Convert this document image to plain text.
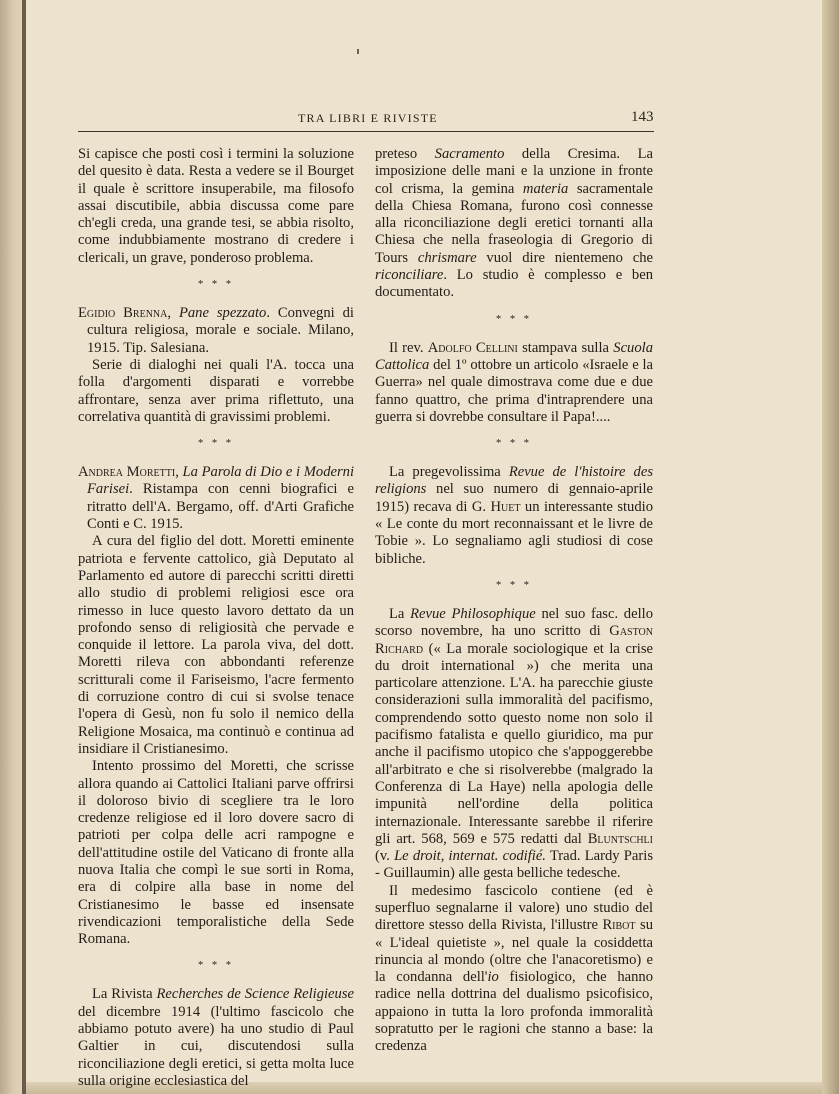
TRA LIBRI E RIVISTE	143

Si capisce che posti così i termini la soluzione del quesito è data. Resta a vedere se il Bourget il quale è scrittore insuperabile, ma filosofo assai discutibile, abbia discussa come pare ch'egli creda, una grande tesi, se abbia risolto, come indubbiamente mostrano di credere i clericali, un grave, ponderoso problema.

* * *

Egidio Brenna, Pane spezzato. Convegni di cultura religiosa, morale e sociale. Milano, 1915. Tip. Salesiana.

Serie di dialoghi nei quali l'A. tocca una folla d'argomenti disparati e vorrebbe affrontare, senza aver prima riflettuto, una correlativa quantità di gravissimi problemi.

* * *

Andrea Moretti, La Parola di Dio e i Moderni Farisei. Ristampa con cenni biografici e ritratto dell'A. Bergamo, off. d'Arti Grafiche Conti e C. 1915.

A cura del figlio del dott. Moretti eminente patriota e fervente cattolico, già Deputato al Parlamento ed autore di parecchi scritti diretti allo studio di problemi religiosi esce ora rimesso in luce questo lavoro dettato da un profondo senso di religiosità che pervade e conquide il lettore. La parola viva, del dott. Moretti rileva con abbondanti referenze scritturali come il Fariseismo, l'acre fermento di corruzione contro di cui si svolse tenace l'opera di Gesù, non fu solo il nemico della Religione Mosaica, ma continuò e continua ad insidiare il Cristianesimo.

Intento prossimo del Moretti, che scrisse allora quando ai Cattolici Italiani parve offrirsi il doloroso bivio di scegliere tra le loro credenze religiose ed il loro dovere sacro di patrioti per colpa delle acri rampogne e dell'attitudine ostile del Vaticano di fronte alla nuova Italia che compì le sue sorti in Roma, era di colpire alla base in nome del Cristianesimo le basse ed insensate rivendicazioni temporalistiche della Sede Romana.

* * *

La Rivista Recherches de Science Religieuse del dicembre 1914 (l'ultimo fascicolo che abbiamo potuto avere) ha uno studio di Paul Galtier in cui, discutendosi sulla riconciliazione degli eretici, si getta molta luce sulla origine ecclesiastica del

preteso Sacramento della Cresima. La imposizione delle mani e la unzione in fronte col crisma, la gemina materia sacramentale della Chiesa Romana, furono così connesse alla riconciliazione degli eretici tornanti alla Chiesa che nella fraseologia di Gregorio di Tours chrismare vuol dire nientemeno che riconciliare. Lo studio è complesso e ben documentato.

* * *

Il rev. Adolfo Cellini stampava sulla Scuola Cattolica del 1º ottobre un articolo «Israele e la Guerra» nel quale dimostrava come due e due fanno quattro, che prima d'intraprendere una guerra si dovrebbe consultare il Papa!....

* * *

La pregevolissima Revue de l'histoire des religions nel suo numero di gennaio-aprile 1915) recava di G. Huet un interessante studio « Le conte du mort reconnaissant et le livre de Tobie ». Lo segnaliamo agli studiosi di cose bibliche.

* * *

La Revue Philosophique nel suo fasc. dello scorso novembre, ha uno scritto di Gaston Richard (« La morale sociologique et la crise du droit international ») che merita una particolare attenzione. L'A. ha parecchie giuste considerazioni sulla immoralità del pacifismo, comprendendo sotto questo nome non solo il pacifismo fatalista e quello giuridico, ma pur anche il pacifismo utopico che s'appoggerebbe all'arbitrato e che si risolverebbe (malgrado la Conferenza di La Haye) nella apologia delle impunità nell'ordine della politica internazionale. Interessante sarebbe il riferire gli art. 568, 569 e 575 redatti dal Bluntschli (v. Le droit, internat. codifié. Trad. Lardy Paris - Guillaumin) alle gesta belliche tedesche.

Il medesimo fascicolo contiene (ed è superfluo segnalarne il valore) uno studio del direttore stesso della Rivista, l'illustre Ribot su « L'ideal quietiste », nel quale la cosiddetta rinuncia al mondo (oltre che l'anacoretismo) e la condanna dell'io fisiologico, che hanno radice nella dottrina del dualismo psicofisico, appaiono in tutta la loro profonda immoralità sopratutto per le ragioni che stanno a base: la credenza
